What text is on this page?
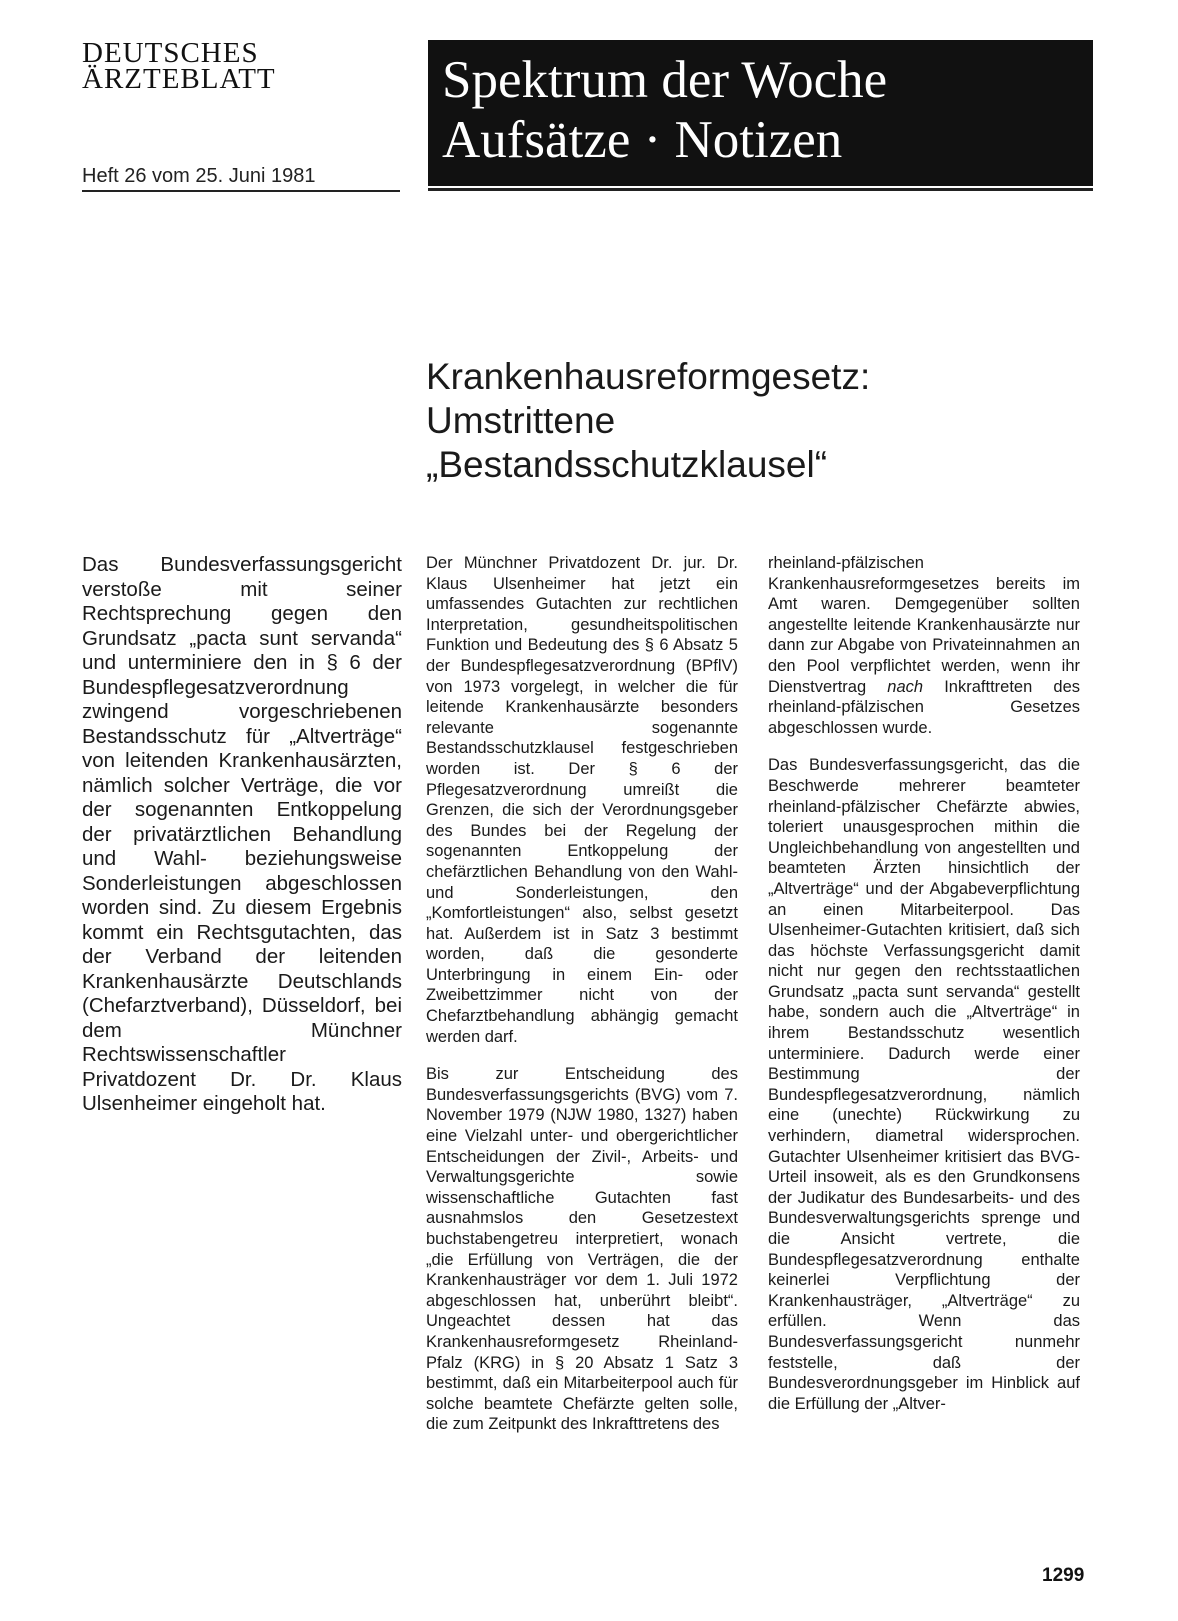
DEUTSCHES
ÄRZTEBLATT
Heft 26 vom 25. Juni 1981
Spektrum der Woche
Aufsätze · Notizen
Krankenhausreformgesetz:
Umstrittene
„Bestandsschutzklausel“
Das Bundesverfassungsgericht verstoße mit seiner Rechtsprechung gegen den Grundsatz „pacta sunt servanda“ und unterminiere den in § 6 der Bundespflegesatzverordnung zwingend vorgeschriebenen Bestandsschutz für „Altverträge“ von leitenden Krankenhausärzten, nämlich solcher Verträge, die vor der sogenannten Entkoppelung der privatärztlichen Behandlung und Wahl- beziehungsweise Sonderleistungen abgeschlossen worden sind. Zu diesem Ergebnis kommt ein Rechtsgutachten, das der Verband der leitenden Krankenhausärzte Deutschlands (Chefarztverband), Düsseldorf, bei dem Münchner Rechtswissenschaftler Privatdozent Dr. Dr. Klaus Ulsenheimer eingeholt hat.

Der Münchner Privatdozent Dr. jur. Dr. Klaus Ulsenheimer hat jetzt ein umfassendes Gutachten zur rechtlichen Interpretation, gesundheitspolitischen Funktion und Bedeutung des § 6 Absatz 5 der Bundespflegesatzverordnung (BPflV) von 1973 vorgelegt, in welcher die für leitende Krankenhausärzte besonders relevante sogenannte Bestandsschutzklausel festgeschrieben worden ist. Der § 6 der Pflegesatzverordnung umreißt die Grenzen, die sich der Verordnungsgeber des Bundes bei der Regelung der sogenannten Entkoppelung der chefärztlichen Behandlung von den Wahl- und Sonderleistungen, den „Komfortleistungen“ also, selbst gesetzt hat. Außerdem ist in Satz 3 bestimmt worden, daß die gesonderte Unterbringung in einem Ein- oder Zweibettzimmer nicht von der Chefarztbehandlung abhängig gemacht werden darf.

Bis zur Entscheidung des Bundesverfassungsgerichts (BVG) vom 7. November 1979 (NJW 1980, 1327) haben eine Vielzahl unter- und obergerichtlicher Entscheidungen der Zivil-, Arbeits- und Verwaltungsgerichte sowie wissenschaftliche Gutachten fast ausnahmslos den Gesetzestext buchstabengetreu interpretiert, wonach „die Erfüllung von Verträgen, die der Krankenhausträger vor dem 1. Juli 1972 abgeschlossen hat, unberührt bleibt“. Ungeachtet dessen hat das Krankenhausreformgesetz Rheinland-Pfalz (KRG) in § 20 Absatz 1 Satz 3 bestimmt, daß ein Mitarbeiterpool auch für solche beamtete Chefärzte gelten solle, die zum Zeitpunkt des Inkrafttretens des

rheinland-pfälzischen Krankenhausreformgesetzes bereits im Amt waren. Demgegenüber sollten angestellte leitende Krankenhausärzte nur dann zur Abgabe von Privateinnahmen an den Pool verpflichtet werden, wenn ihr Dienstvertrag nach Inkrafttreten des rheinland-pfälzischen Gesetzes abgeschlossen wurde.

Das Bundesverfassungsgericht, das die Beschwerde mehrerer beamteter rheinland-pfälzischer Chefärzte abwies, toleriert unausgesprochen mithin die Ungleichbehandlung von angestellten und beamteten Ärzten hinsichtlich der „Altverträge“ und der Abgabeverpflichtung an einen Mitarbeiterpool. Das Ulsenheimer-Gutachten kritisiert, daß sich das höchste Verfassungsgericht damit nicht nur gegen den rechtsstaatlichen Grundsatz „pacta sunt servanda“ gestellt habe, sondern auch die „Altverträge“ in ihrem Bestandsschutz wesentlich unterminiere. Dadurch werde einer Bestimmung der Bundespflegesatzverordnung, nämlich eine (unechte) Rückwirkung zu verhindern, diametral widersprochen. Gutachter Ulsenheimer kritisiert das BVG-Urteil insoweit, als es den Grundkonsens der Judikatur des Bundesarbeits- und des Bundesverwaltungsgerichts sprenge und die Ansicht vertrete, die Bundespflegesatzverordnung enthalte keinerlei Verpflichtung der Krankenhausträger, „Altverträge“ zu erfüllen. Wenn das Bundesverfassungsgericht nunmehr feststelle, daß der Bundesverordnungsgeber im Hinblick auf die Erfüllung der „Altver-

1299
